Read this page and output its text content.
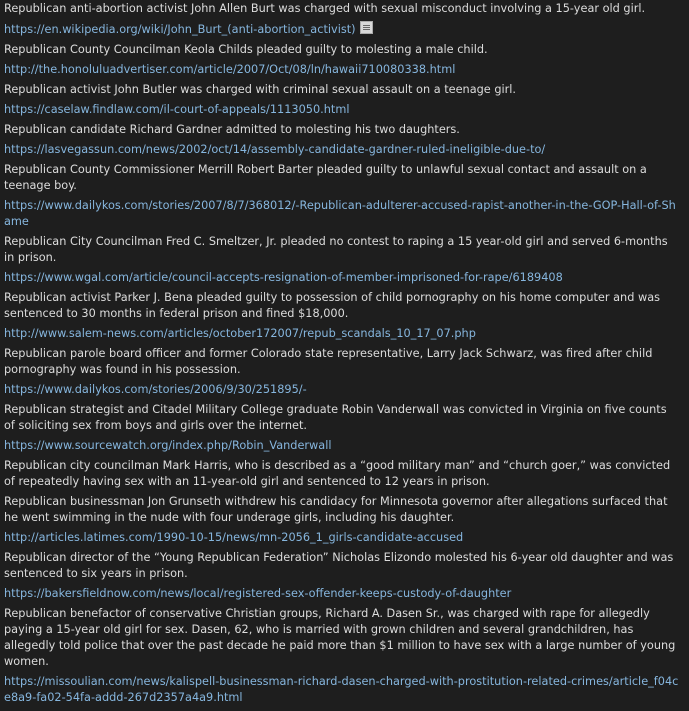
Republican anti-abortion activist John Allen Burt was charged with sexual misconduct involving a 15-year old girl.
https://en.wikipedia.org/wiki/John_Burt_(anti-abortion_activist)
Republican County Councilman Keola Childs pleaded guilty to molesting a male child.
http://the.honoluluadvertiser.com/article/2007/Oct/08/ln/hawaii710080338.html
Republican activist John Butler was charged with criminal sexual assault on a teenage girl.
https://caselaw.findlaw.com/il-court-of-appeals/1113050.html
Republican candidate Richard Gardner admitted to molesting his two daughters.
https://lasvegassun.com/news/2002/oct/14/assembly-candidate-gardner-ruled-ineligible-due-to/
Republican County Commissioner Merrill Robert Barter pleaded guilty to unlawful sexual contact and assault on a teenage boy.
https://www.dailykos.com/stories/2007/8/7/368012/-Republican-adulterer-accused-rapist-another-in-the-GOP-Hall-of-Shame
Republican City Councilman Fred C. Smeltzer, Jr. pleaded no contest to raping a 15 year-old girl and served 6-months in prison.
https://www.wgal.com/article/council-accepts-resignation-of-member-imprisoned-for-rape/6189408
Republican activist Parker J. Bena pleaded guilty to possession of child pornography on his home computer and was sentenced to 30 months in federal prison and fined $18,000.
http://www.salem-news.com/articles/october172007/repub_scandals_10_17_07.php
Republican parole board officer and former Colorado state representative, Larry Jack Schwarz, was fired after child pornography was found in his possession.
https://www.dailykos.com/stories/2006/9/30/251895/-
Republican strategist and Citadel Military College graduate Robin Vanderwall was convicted in Virginia on five counts of soliciting sex from boys and girls over the internet.
https://www.sourcewatch.org/index.php/Robin_Vanderwall
Republican city councilman Mark Harris, who is described as a “good military man” and “church goer,” was convicted of repeatedly having sex with an 11-year-old girl and sentenced to 12 years in prison.
Republican businessman Jon Grunseth withdrew his candidacy for Minnesota governor after allegations surfaced that he went swimming in the nude with four underage girls, including his daughter.
http://articles.latimes.com/1990-10-15/news/mn-2056_1_girls-candidate-accused
Republican director of the “Young Republican Federation” Nicholas Elizondo molested his 6-year old daughter and was sentenced to six years in prison.
https://bakersfieldnow.com/news/local/registered-sex-offender-keeps-custody-of-daughter
Republican benefactor of conservative Christian groups, Richard A. Dasen Sr., was charged with rape for allegedly paying a 15-year old girl for sex. Dasen, 62, who is married with grown children and several grandchildren, has allegedly told police that over the past decade he paid more than $1 million to have sex with a large number of young women.
https://missoulian.com/news/kalispell-businessman-richard-dasen-charged-with-prostitution-related-crimes/article_f04ce8a9-fa02-54fa-addd-267d2357a4a9.html
